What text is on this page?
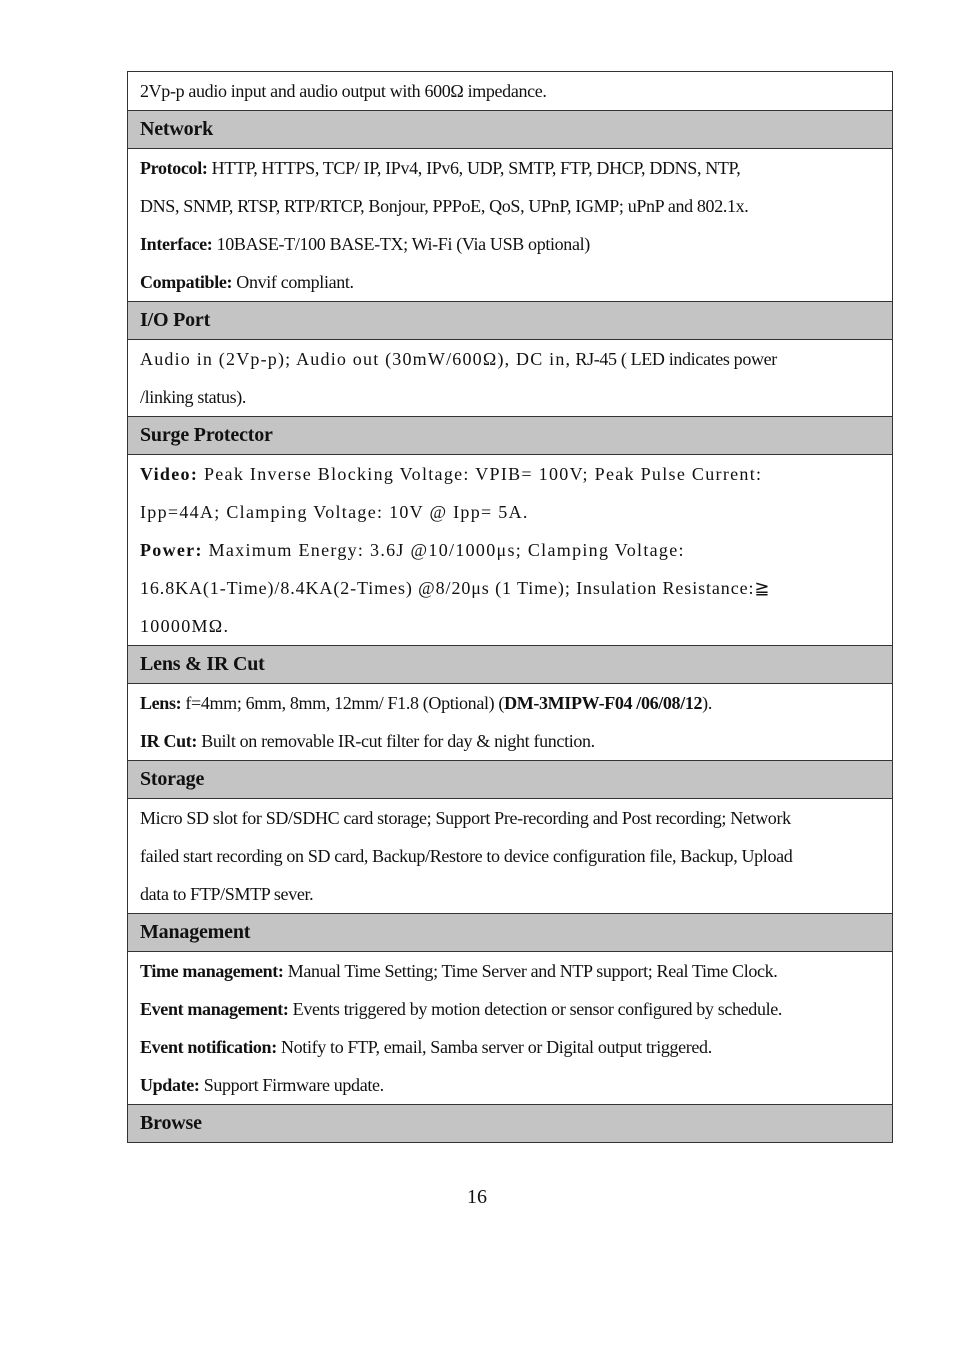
2Vp-p audio input and audio output with 600Ω impedance.

Network

Protocol: HTTP, HTTPS, TCP/ IP, IPv4, IPv6, UDP, SMTP, FTP, DHCP, DDNS, NTP,
DNS, SNMP, RTSP, RTP/RTCP, Bonjour, PPPoE, QoS, UPnP, IGMP; uPnP and 802.1x.
Interface: 10BASE-T/100 BASE-TX; Wi-Fi (Via USB optional)
Compatible: Onvif compliant.

I/O Port

Audio in (2Vp-p); Audio out (30mW/600Ω), DC in, RJ-45 ( LED indicates power
/linking status).

Surge Protector

Video: Peak Inverse Blocking Voltage: VPIB= 100V; Peak Pulse Current:
Ipp=44A; Clamping Voltage: 10V @ Ipp= 5A.
Power: Maximum Energy: 3.6J @10/1000μs; Clamping Voltage:
16.8KA(1-Time)/8.4KA(2-Times) @8/20μs (1 Time); Insulation Resistance:≧
10000MΩ.

Lens & IR Cut

Lens: f=4mm; 6mm, 8mm, 12mm/ F1.8 (Optional) (DM-3MIPW-F04 /06/08/12).
IR Cut: Built on removable IR-cut filter for day & night function.

Storage

Micro SD slot for SD/SDHC card storage; Support Pre-recording and Post recording; Network
failed start recording on SD card, Backup/Restore to device configuration file, Backup, Upload
data to FTP/SMTP sever.

Management

Time management: Manual Time Setting; Time Server and NTP support; Real Time Clock.
Event management: Events triggered by motion detection or sensor configured by schedule.
Event notification: Notify to FTP, email, Samba server or Digital output triggered.
Update: Support Firmware update.

Browse
16
